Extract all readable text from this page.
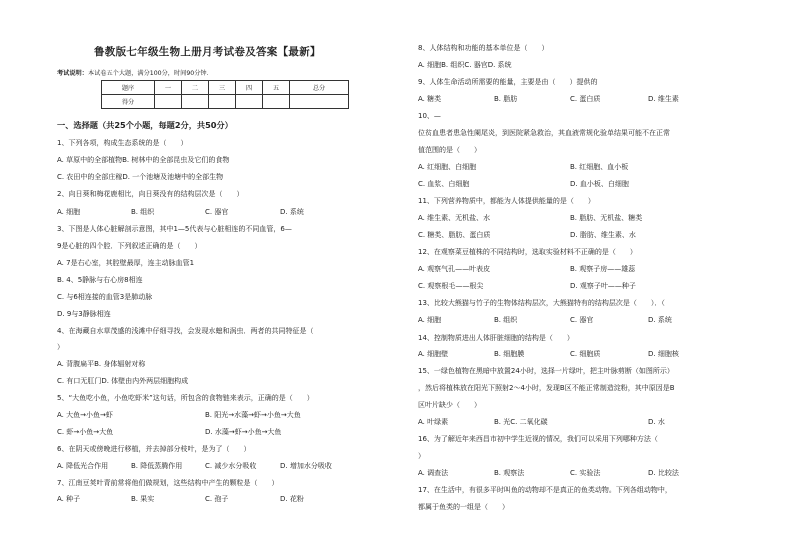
鲁教版七年级生物上册月考试卷及答案【最新】
考试说明：本试卷五个大题，满分100分，时间90分钟．
题序	一	二	三	四	五	总分
得分						
一、选择题（共25个小题，每题2分，共50分）
1、下列各项，构成生态系统的是（　　）
A. 草原中的全部植物B. 树林中的全部昆虫及它们的食物
C. 农田中的全部庄稼D. 一个池塘及池塘中的全部生物
2、向日葵和梅花鹿相比，向日葵没有的结构层次是（　　）
A. 细胞	B. 组织	C. 器官	D. 系统
3、下图是人体心脏解剖示意图，其中1—5代表与心脏相连的不同血管，6—
9是心脏的四个腔．下列叙述正确的是（　　）
A. 7是右心室，其腔壁最厚，连主动脉血管1
B. 4、5静脉与右心房8相连
C. 与6相连接的血管3是肺动脉
D. 9与3静脉相连
4、在海藏自水草茂盛的浅滩中仔细寻找，会发现水螅和涡虫．两者的共同特征是（
）
A. 背腹扁平B. 身体辐射对称
C. 有口无肛门D. 体壁由内外两层细胞构成
5、“大鱼吃小鱼，小鱼吃虾米”这句话，所包含的食物链来表示，正确的是（　　）
A. 大鱼→小鱼→虾	B. 阳光→水藻→虾→小鱼→大鱼
C. 虾→小鱼→大鱼	D. 水藻→虾→小鱼→大鱼
6、在阴天或傍晚进行移植，并去掉部分枝叶，是为了（　　）
A. 降低光合作用	B. 降低蒸腾作用	C. 减少水分吸收	D. 增加水分吸收
7、江南豆荚叶青前常将他们做规划，这些结构中产生的颗粒是（　　）
A. 种子	B. 果实	C. 孢子	D. 花粉
8、人体结构和功能的基本单位是（　　）
A. 细胞B. 组织C. 器官D. 系统
9、人体生命活动所需要的能量，主要是由（　　）提供的
A. 糖类	B. 脂肪	C. 蛋白质	D. 维生素
10、—
位贫血患者患急性阑尾炎，到医院紧急救治，其血液常规化验单结果可能不在正常
值范围的是（　　）
A. 红细胞、白细胞	B. 红细胞、血小板
C. 血浆、白细胞	D. 血小板、白细胞
11、下列营养物质中，都能为人体提供能量的是（　　）
A. 维生素、无机盐、水	B. 脂肪、无机盐、糖类
C. 糖类、脂肪、蛋白质	D. 脂肪、维生素、水
12、在观察菜豆植株的不同结构时，选取实验材料不正确的是（　　）
A. 观察气孔——叶表皮	B. 观察子房——雄蕊
C. 观察根毛——根尖	D. 观察子叶——种子
13、比较大熊猫与竹子的生物体结构层次，大熊猫特有的结构层次是（　　）．（
A. 细胞	B. 组织	C. 器官	D. 系统
14、控制物质进出人体肝脏细胞的结构是（　　）
A. 细胞壁	B. 细胞膜	C. 细胞质	D. 细胞核
15、一绿色植物在黑暗中放置24小时，选择一片绿叶，把主叶脉剪断（如图所示）
，然后将植株放在阳光下照射2～4小时，发现B区不能正常制造淀粉，其中原因是B
区叶片缺少（　　）
A. 叶绿素	B. 光C. 二氧化碳	D. 水
16、为了解近年来西昌市初中学生近视的情况，我们可以采用下列哪种方法（
）
A. 调查法	B. 观察法	C. 实验法	D. 比较法
17、在生活中，有很多平时叫鱼的动物却不是真正的鱼类动物。下列各组动物中，
都属于鱼类的一组是（　　）
